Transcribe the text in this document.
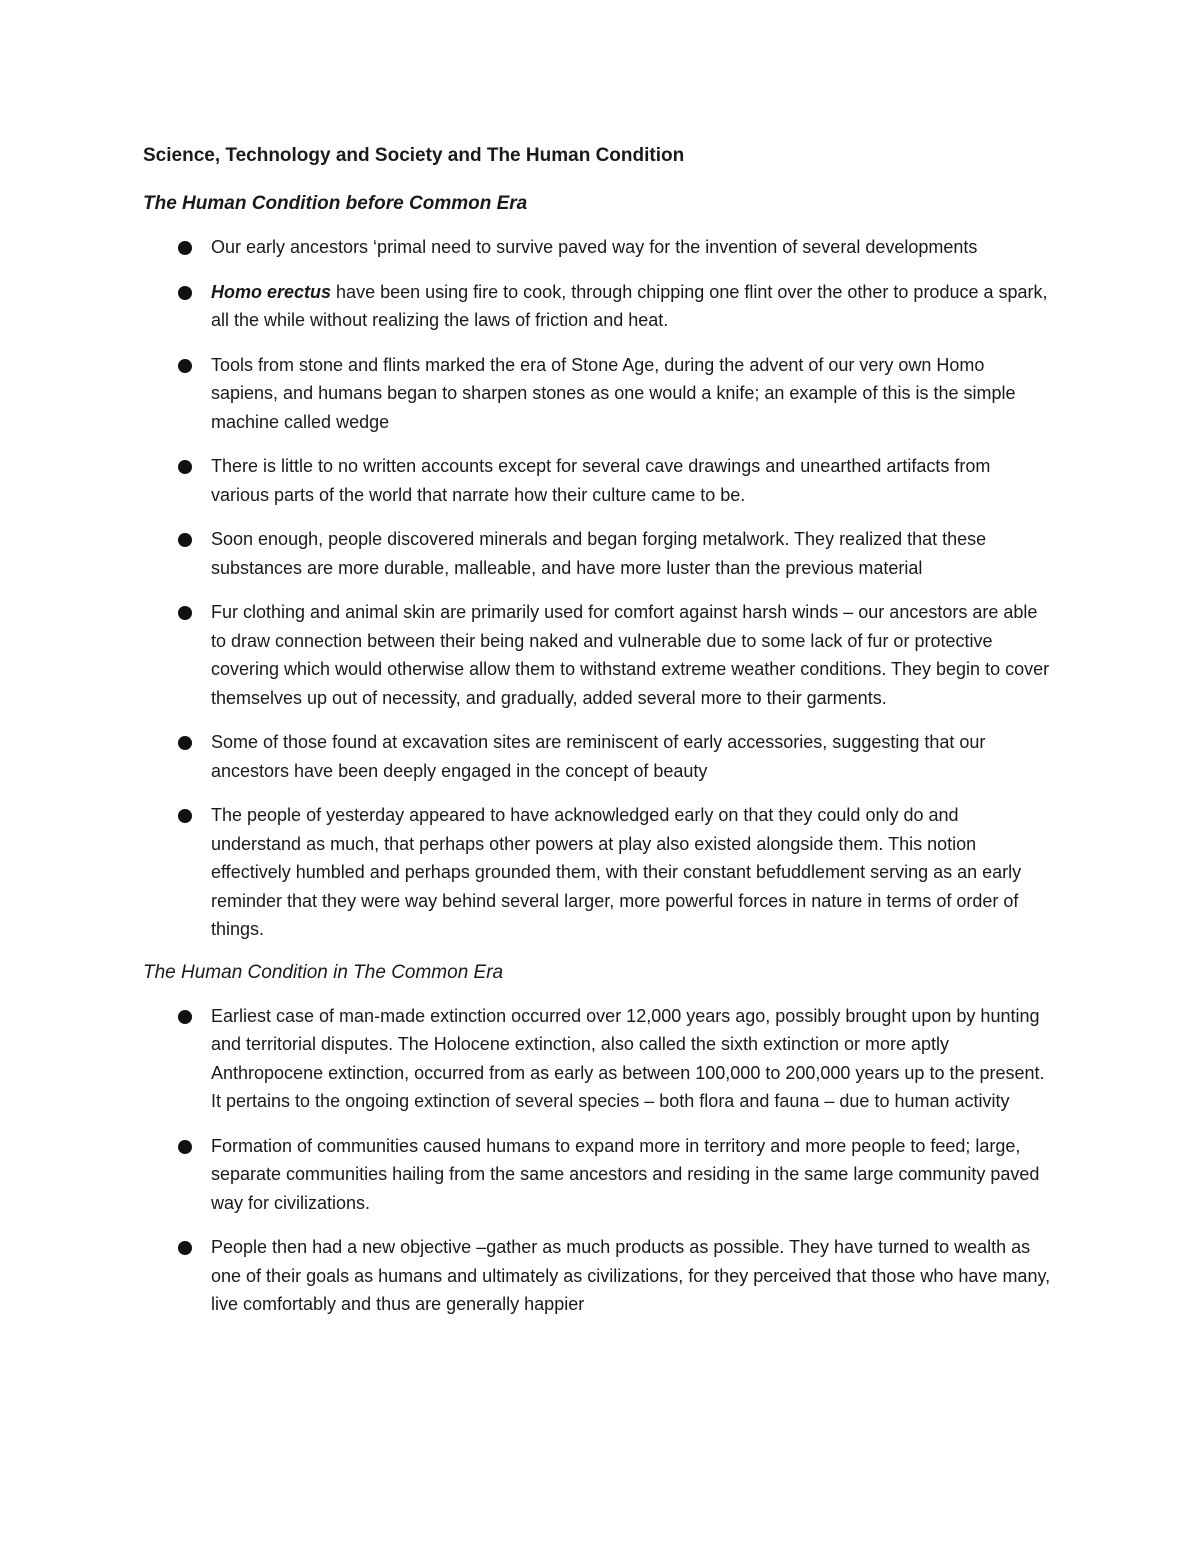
Science, Technology and Society and The Human Condition
The Human Condition before Common Era
Our early ancestors ‘primal need to survive paved way for the invention of several developments
Homo erectus have been using fire to cook, through chipping one flint over the other to produce a spark, all the while without realizing the laws of friction and heat.
Tools from stone and flints marked the era of Stone Age, during the advent of our very own Homo sapiens, and humans began to sharpen stones as one would a knife; an example of this is the simple machine called wedge
There is little to no written accounts except for several cave drawings and unearthed artifacts from various parts of the world that narrate how their culture came to be.
Soon enough, people discovered minerals and began forging metalwork. They realized that these substances are more durable, malleable, and have more luster than the previous material
Fur clothing and animal skin are primarily used for comfort against harsh winds – our ancestors are able to draw connection between their being naked and vulnerable due to some lack of fur or protective covering which would otherwise allow them to withstand extreme weather conditions. They begin to cover themselves up out of necessity, and gradually, added several more to their garments.
Some of those found at excavation sites are reminiscent of early accessories, suggesting that our ancestors have been deeply engaged in the concept of beauty
The people of yesterday appeared to have acknowledged early on that they could only do and understand as much, that perhaps other powers at play also existed alongside them. This notion effectively humbled and perhaps grounded them, with their constant befuddlement serving as an early reminder that they were way behind several larger, more powerful forces in nature in terms of order of things.
The Human Condition in The Common Era
Earliest case of man-made extinction occurred over 12,000 years ago, possibly brought upon by hunting and territorial disputes. The Holocene extinction, also called the sixth extinction or more aptly Anthropocene extinction, occurred from as early as between 100,000 to 200,000 years up to the present. It pertains to the ongoing extinction of several species – both flora and fauna – due to human activity
Formation of communities caused humans to expand more in territory and more people to feed; large, separate communities hailing from the same ancestors and residing in the same large community paved way for civilizations.
People then had a new objective –gather as much products as possible. They have turned to wealth as one of their goals as humans and ultimately as civilizations, for they perceived that those who have many, live comfortably and thus are generally happier
